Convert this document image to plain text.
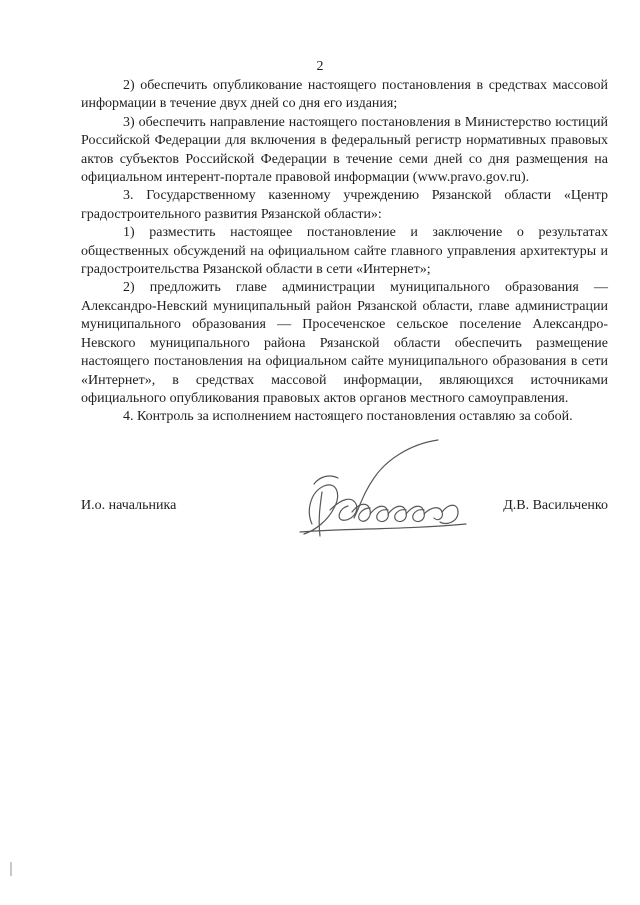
2

2) обеспечить опубликование настоящего постановления в средствах массовой информации в течение двух дней со дня его издания;

3) обеспечить направление настоящего постановления в Министерство юстиций Российской Федерации для включения в федеральный регистр нормативных правовых актов субъектов Российской Федерации в течение семи дней со дня размещения на официальном интерент-портале правовой информации (www.pravo.gov.ru).

3. Государственному казенному учреждению Рязанской области «Центр градостроительного развития Рязанской области»:

1) разместить настоящее постановление и заключение о результатах общественных обсуждений на официальном сайте главного управления архитектуры и градостроительства Рязанской области в сети «Интернет»;

2) предложить главе администрации муниципального образования — Александро-Невский муниципальный район Рязанской области, главе администрации муниципального образования — Просеченское сельское поселение Александро-Невского муниципального района Рязанской области обеспечить размещение настоящего постановления на официальном сайте муниципального образования в сети «Интернет», в средствах массовой информации, являющихся источниками официального опубликования правовых актов органов местного самоуправления.

4. Контроль за исполнением настоящего постановления оставляю за собой.

И.о. начальника	Д.В. Васильченко
